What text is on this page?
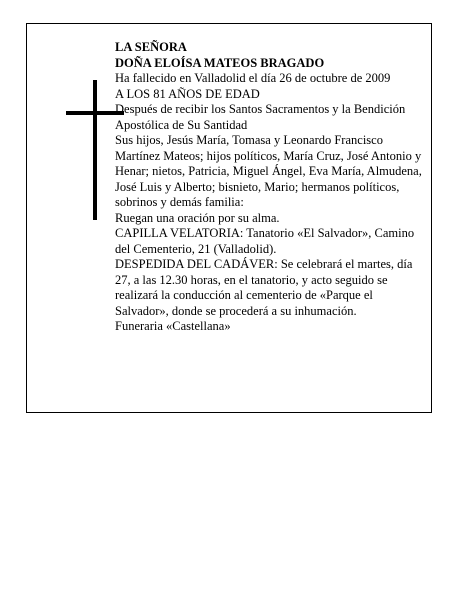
LA SEÑORA

DOÑA ELOÍSA MATEOS BRAGADO

Ha fallecido en Valladolid el día 26 de octubre de 2009

A LOS 81 AÑOS DE EDAD

Después de recibir los Santos Sacramentos y la Bendición Apostólica de Su Santidad

Sus hijos, Jesús María, Tomasa y Leonardo Francisco Martínez Mateos; hijos políticos, María Cruz, José Antonio y Henar; nietos, Patricia, Miguel Ángel, Eva María, Almudena, José Luis y Alberto; bisnieto, Mario; hermanos políticos, sobrinos y demás familia:

Ruegan una oración por su alma.

CAPILLA VELATORIA: Tanatorio «El Salvador», Camino del Cementerio, 21 (Valladolid).

DESPEDIDA DEL CADÁVER: Se celebrará el martes, día 27, a las 12.30 horas, en el tanatorio, y acto seguido se realizará la conducción al cementerio de «Parque el Salvador», donde se procederá a su inhumación.

Funeraria «Castellana»
